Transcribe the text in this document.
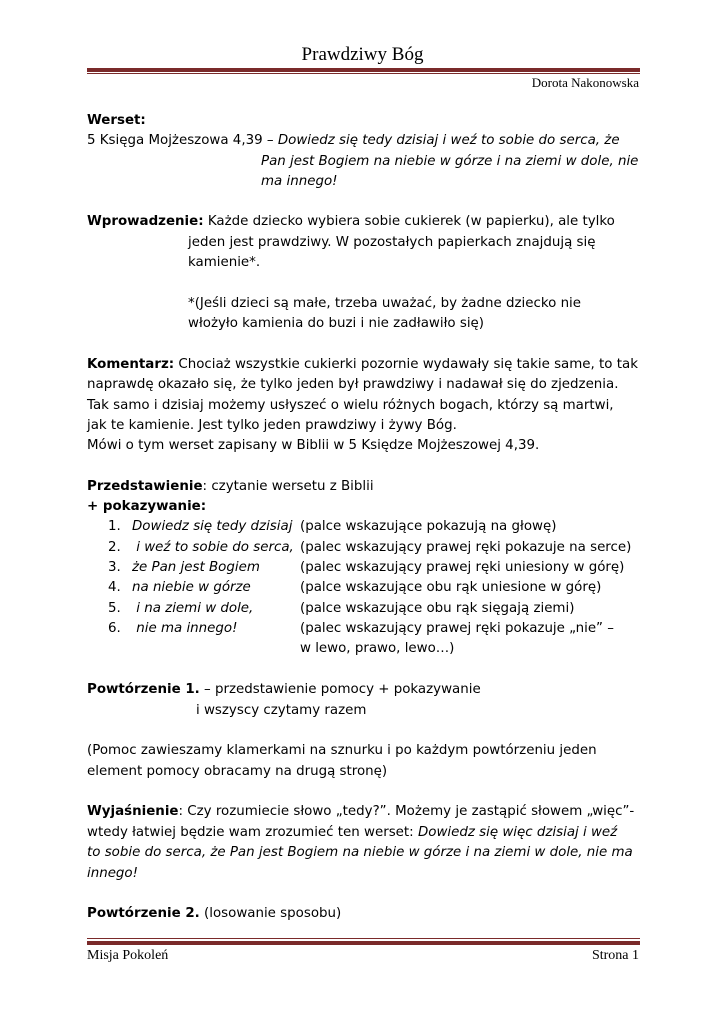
Prawdziwy Bóg
Dorota Nakonowska
Werset:
5 Księga Mojżeszowa 4,39 – Dowiedz się tedy dzisiaj i weź to sobie do serca, że
Pan jest Bogiem na niebie w górze i na ziemi w dole, nie
ma innego!
Wprowadzenie: Każde dziecko wybiera sobie cukierek (w papierku), ale tylko
jeden jest prawdziwy. W pozostałych papierkach znajdują się
kamienie*.
*(Jeśli dzieci są małe, trzeba uważać, by żadne dziecko nie
włożyło kamienia do buzi i nie zadławiło się)
Komentarz: Chociaż wszystkie cukierki pozornie wydawały się takie same, to tak
naprawdę okazało się, że tylko jeden był prawdziwy i nadawał się do zjedzenia.
Tak samo i dzisiaj możemy usłyszeć o wielu różnych bogach, którzy są martwi,
jak te kamienie. Jest tylko jeden prawdziwy i żywy Bóg.
Mówi o tym werset zapisany w Biblii w 5 Księdze Mojżeszowej 4,39.
Przedstawienie: czytanie wersetu z Biblii
+ pokazywanie:
1. Dowiedz się tedy dzisiaj (palce wskazujące pokazują na głowę)
2. i weź to sobie do serca, (palec wskazujący prawej ręki pokazuje na serce)
3. że Pan jest Bogiem	(palec wskazujący prawej ręki uniesiony w górę)
4. na niebie w górze	(palce wskazujące obu rąk uniesione w górę)
5. i na ziemi w dole,	(palce wskazujące obu rąk sięgają ziemi)
6. nie ma innego!	(palec wskazujący prawej ręki pokazuje „nie” –
w lewo, prawo, lewo…)
Powtórzenie 1. – przedstawienie pomocy + pokazywanie
i wszyscy czytamy razem
(Pomoc zawieszamy klamerkami na sznurku i po każdym powtórzeniu jeden
element pomocy obracamy na drugą stronę)
Wyjaśnienie: Czy rozumiecie słowo „tedy?”. Możemy je zastąpić słowem „więc”-
wtedy łatwiej będzie wam zrozumieć ten werset: Dowiedz się więc dzisiaj i weź
to sobie do serca, że Pan jest Bogiem na niebie w górze i na ziemi w dole, nie ma
innego!
Powtórzenie 2. (losowanie sposobu)
Misja Pokoleń	Strona 1
